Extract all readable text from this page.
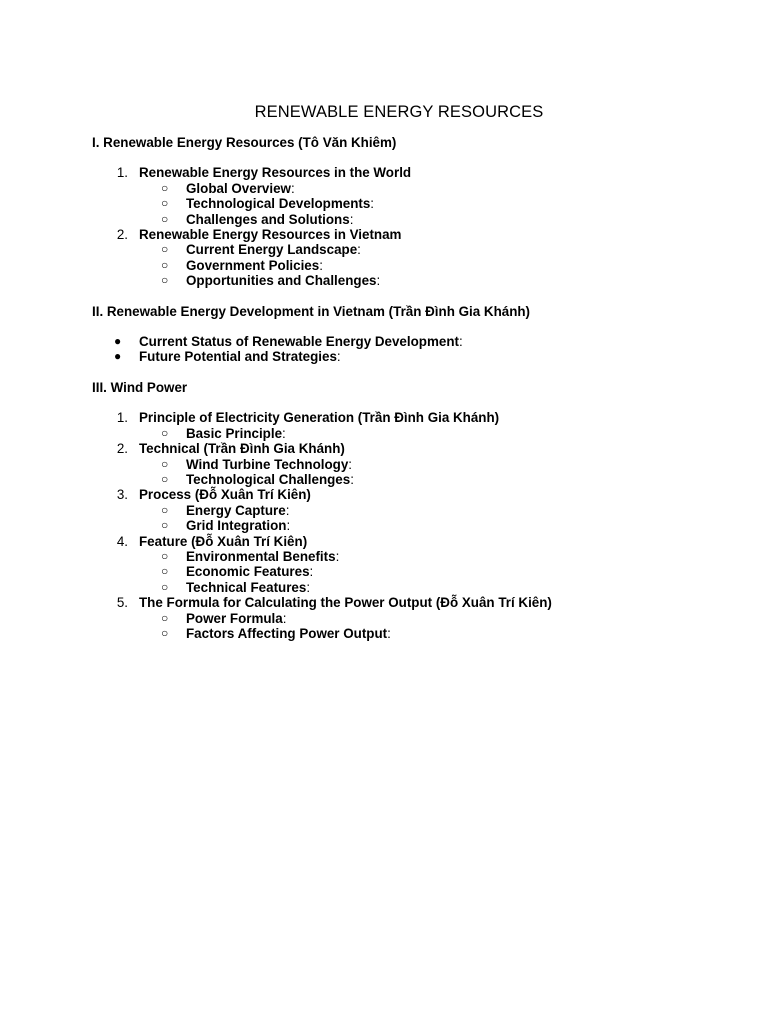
RENEWABLE ENERGY RESOURCES
I. Renewable Energy Resources (Tô Văn Khiêm)
1. Renewable Energy Resources in the World
○ Global Overview:
○ Technological Developments:
○ Challenges and Solutions:
2. Renewable Energy Resources in Vietnam
○ Current Energy Landscape:
○ Government Policies:
○ Opportunities and Challenges:
II. Renewable Energy Development in Vietnam (Trần Đình Gia Khánh)
● Current Status of Renewable Energy Development:
● Future Potential and Strategies:
III. Wind Power
1. Principle of Electricity Generation (Trần Đình Gia Khánh)
○ Basic Principle:
2. Technical (Trần Đình Gia Khánh)
○ Wind Turbine Technology:
○ Technological Challenges:
3. Process (Đỗ Xuân Trí Kiên)
○ Energy Capture:
○ Grid Integration:
4. Feature (Đỗ Xuân Trí Kiên)
○ Environmental Benefits:
○ Economic Features:
○ Technical Features:
5. The Formula for Calculating the Power Output (Đỗ Xuân Trí Kiên)
○ Power Formula:
○ Factors Affecting Power Output:
